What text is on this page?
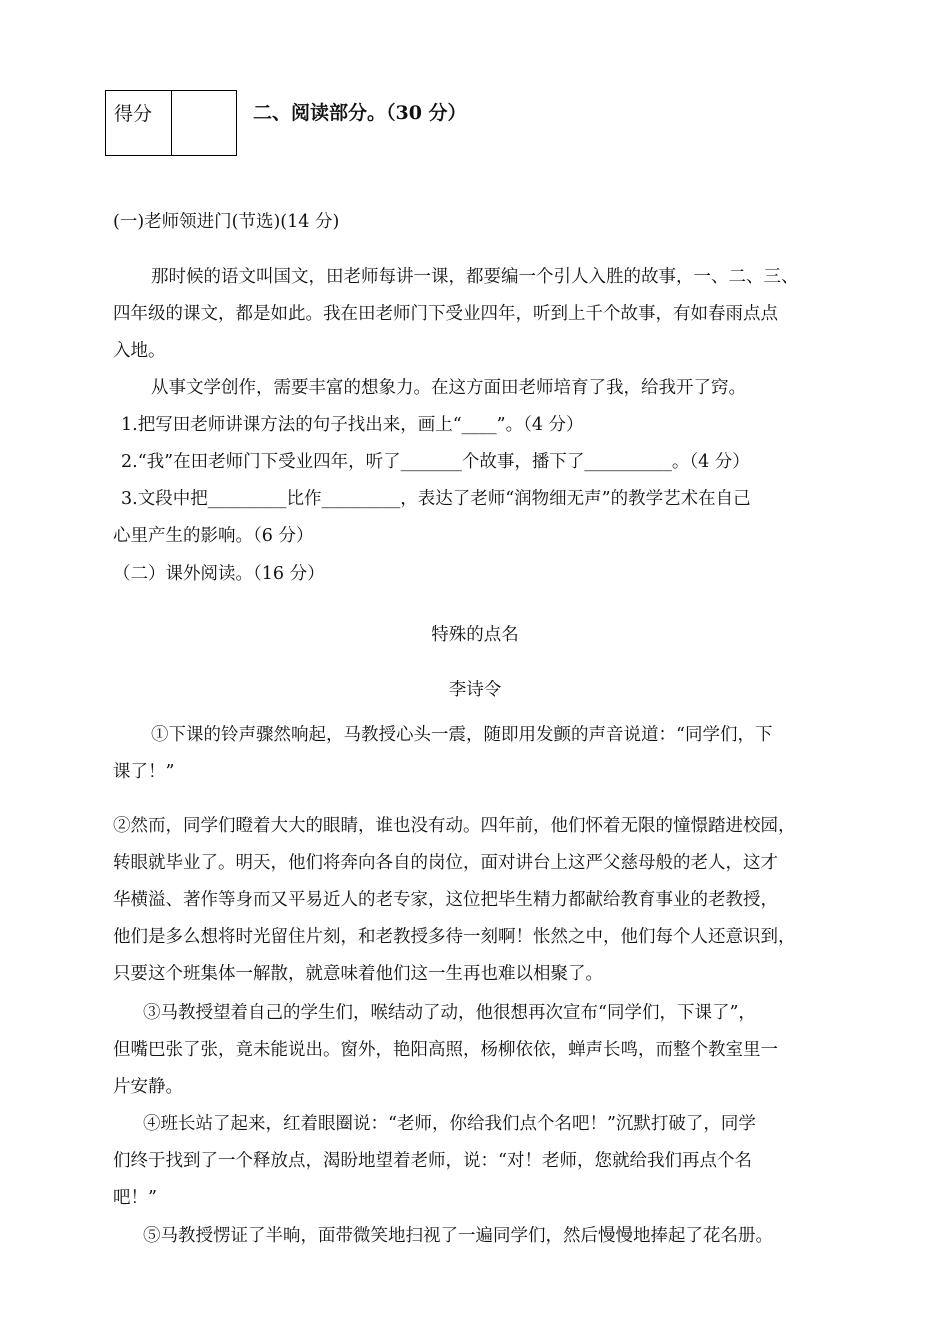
得分	二、阅读部分。（30 分）
(一)老师领进门(节选)(14 分)
那时候的语文叫国文，田老师每讲一课，都要编一个引人入胜的故事，一、二、三、
四年级的课文，都是如此。我在田老师门下受业四年，听到上千个故事，有如春雨点点
入地。
从事文学创作，需要丰富的想象力。在这方面田老师培育了我，给我开了窍。
1.把写田老师讲课方法的句子找出来，画上“____”。（4 分）
2.“我”在田老师门下受业四年，听了_______个故事，播下了__________。（4 分）
3.文段中把_________比作_________，表达了老师“润物细无声”的教学艺术在自己
心里产生的影响。（6 分）
（二）课外阅读。（16 分）
特殊的点名
李诗令
①下课的铃声骤然响起，马教授心头一震，随即用发颤的声音说道：“同学们，下
课了！”
②然而，同学们瞪着大大的眼睛，谁也没有动。四年前，他们怀着无限的憧憬踏进校园，
转眼就毕业了。明天，他们将奔向各自的岗位，面对讲台上这严父慈母般的老人，这才
华横溢、著作等身而又平易近人的老专家，这位把毕生精力都献给教育事业的老教授，
他们是多么想将时光留住片刻，和老教授多待一刻啊！怅然之中，他们每个人还意识到，
只要这个班集体一解散，就意味着他们这一生再也难以相聚了。
③马教授望着自己的学生们，喉结动了动，他很想再次宣布“同学们，下课了”，
但嘴巴张了张，竟未能说出。窗外，艳阳高照，杨柳依依，蝉声长鸣，而整个教室里一
片安静。
④班长站了起来，红着眼圈说：“老师，你给我们点个名吧！”沉默打破了，同学
们终于找到了一个释放点，渴盼地望着老师，说：“对！老师，您就给我们再点个名
吧！”
⑤马教授愣证了半晌，面带微笑地扫视了一遍同学们，然后慢慢地捧起了花名册。
